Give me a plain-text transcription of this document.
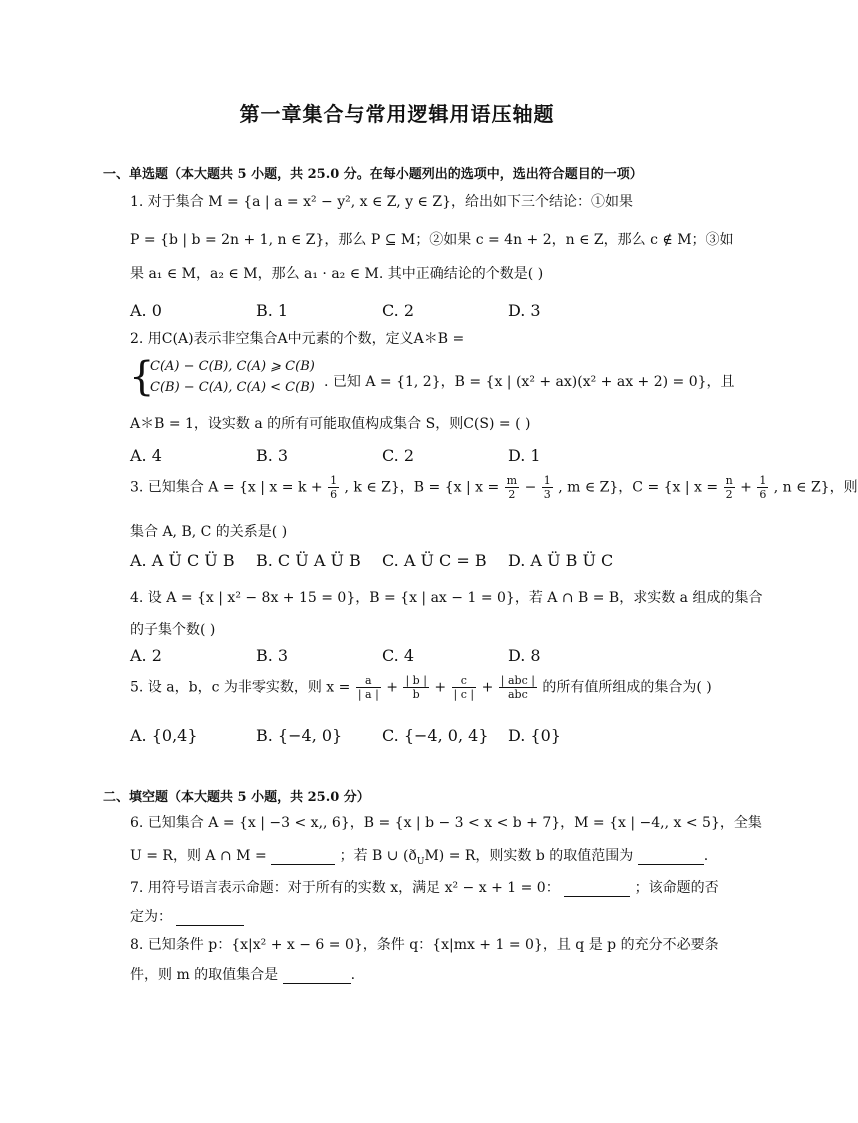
第一章集合与常用逻辑用语压轴题
一、单选题（本大题共 5 小题，共 25.0 分。在每小题列出的选项中，选出符合题目的一项）
1. 对于集合 M = {a | a = x² − y², x ∈ Z, y ∈ Z}，给出如下三个结论：①如果
P = {b | b = 2n + 1, n ∈ Z}，那么 P ⊆ M；②如果 c = 4n + 2，n ∈ Z，那么 c ∉ M；③如
果 a₁ ∈ M，a₂ ∈ M，那么 a₁ · a₂ ∈ M. 其中正确结论的个数是( )
A. 0	B. 1	C. 2	D. 3
2. 用C(A)表示非空集合A中元素的个数，定义A＊B =
{
C(A) − C(B), C(A) ⩾ C(B)
C(B) − C(A), C(A) < C(B) . 已知 A = {1, 2}，B = {x | (x² + ax)(x² + ax + 2) = 0}，且
A＊B = 1，设实数 a 的所有可能取值构成集合 S，则C(S) = ( )
A. 4	B. 3	C. 2	D. 1
3. 已知集合 A = {x | $x = k + \frac{1}{6}$ , k ∈ Z}，B = {x | $x = \frac{m}{2} - \frac{1}{3}$ , m ∈ Z}，C = {x | $x = \frac{n}{2} + \frac{1}{6}$ , n ∈ Z}，则
集合 A, B, C 的关系是( )
A. A Ü C Ü B B. C Ü A Ü B C. A Ü C = B D. A Ü B Ü C
4. 设 A = {x | x² − 8x + 15 = 0}，B = {x | ax − 1 = 0}，若 A ∩ B = B，求实数 a 组成的集合
的子集个数( )
A. 2	B. 3	C. 4	D. 8
5. 设 a，b，c 为非零实数，则 $x = \frac{a}{| a |} + \frac{| b |}{b} + \frac{c}{| c |} + \frac{\text{| abc |}}{\text{abc}}$ 的所有值所组成的集合为( )
A. {0,4}	B. {−4, 0} C. {−4, 0, 4} D. {0}
二、填空题（本大题共 5 小题，共 25.0 分）
6. 已知集合 A = {x | −3 < x,, 6}，B = {x | b − 3 < x < b + 7}，M = {x | −4,, x < 5}，全集
U = R，则 A ∩ M =	；若 B ∪ $(ð_UM) = R$，则实数 b 的取值范围为	.
7. 用符号语言表示命题：对于所有的实数 x，满足 x² − x + 1 = 0：	；该命题的否
定为：
8. 已知条件 p：{x|x² + x − 6 = 0}，条件 q：{x|mx + 1 = 0}，且 q 是 p 的充分不必要条
件，则 m 的取值集合是	.
